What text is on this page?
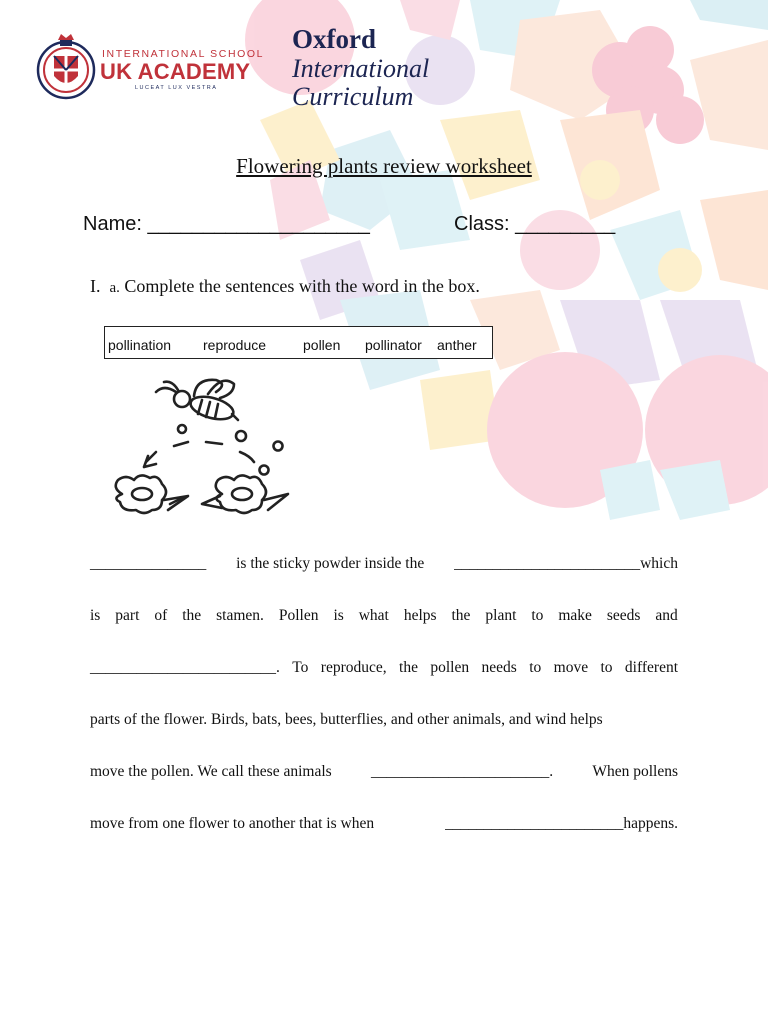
INTERNATIONAL SCHOOL
UK ACADEMY
LUCEAT LUX VESTRA
Oxford
International
Curriculum
Flowering plants review worksheet
Name: ____________________	Class: _________
I. a. Complete the sentences with the word in the box.
pollination reproduce	pollen pollinator anther
_______________ is the sticky powder inside the ________________________which
is part of the stamen. Pollen is what helps the plant to make seeds and
________________________. To reproduce, the pollen needs to move to different
parts of the flower. Birds, bats, bees, butterflies, and other animals, and wind helps
move the pollen. We call these animals	_______________________.	When pollens
move from one flower to another that is when	_______________________happens.
